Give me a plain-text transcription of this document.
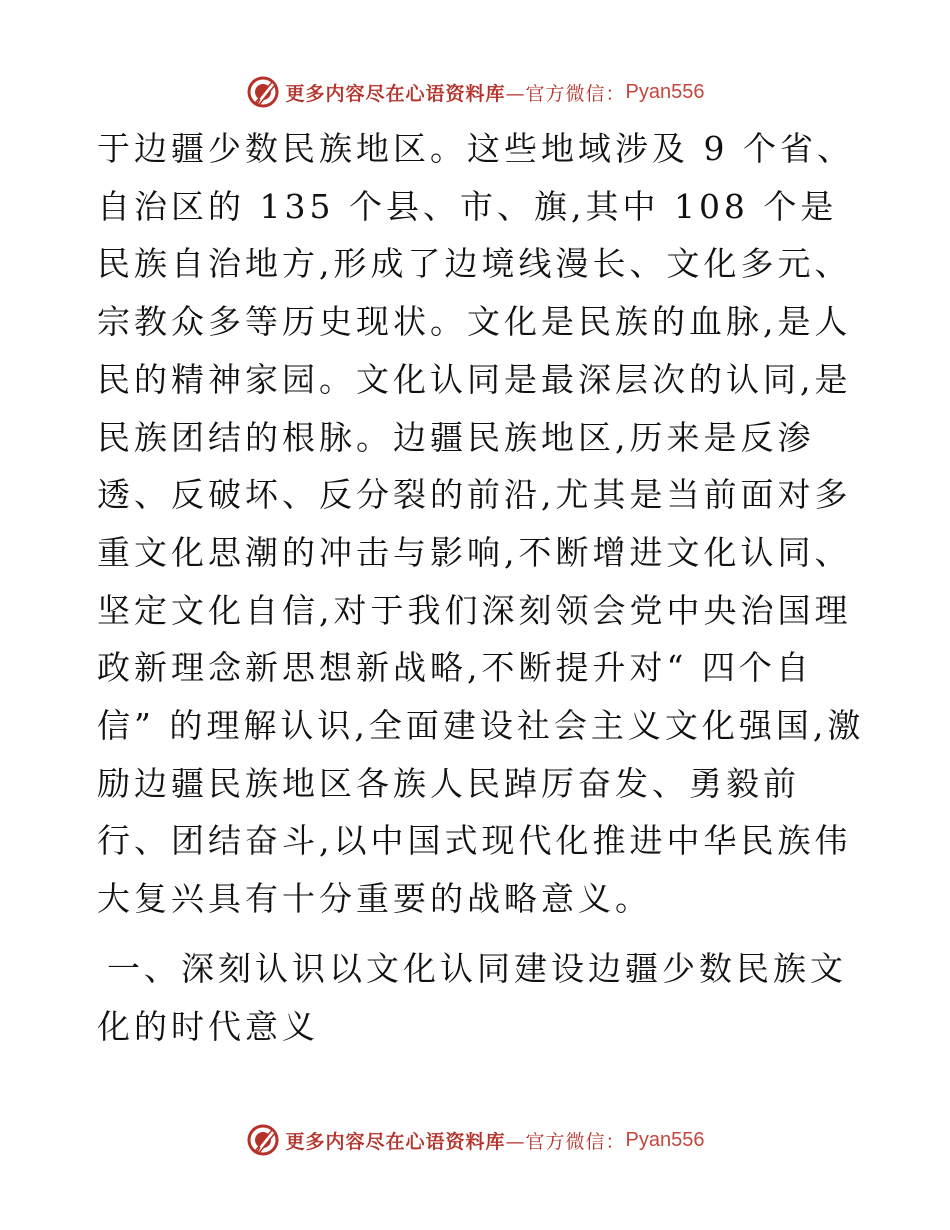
更多内容尽在心语资料库 —官方微信： Pyan556

于边疆少数民族地区。这些地域涉及 9 个省、自治区的 135 个县、市、旗,其中 108 个是民族自治地方,形成了边境线漫长、文化多元、宗教众多等历史现状。文化是民族的血脉,是人民的精神家园。文化认同是最深层次的认同,是民族团结的根脉。边疆民族地区,历来是反渗透、反破坏、反分裂的前沿,尤其是当前面对多重文化思潮的冲击与影响,不断增进文化认同、坚定文化自信,对于我们深刻领会党中央治国理政新理念新思想新战略,不断提升对“ 四个自信” 的理解认识,全面建设社会主义文化强国,激励边疆民族地区各族人民踔厉奋发、勇毅前行、团结奋斗,以中国式现代化推进中华民族伟大复兴具有十分重要的战略意义。

一、深刻认识以文化认同建设边疆少数民族文化的时代意义

更多内容尽在心语资料库 —官方微信： Pyan556
